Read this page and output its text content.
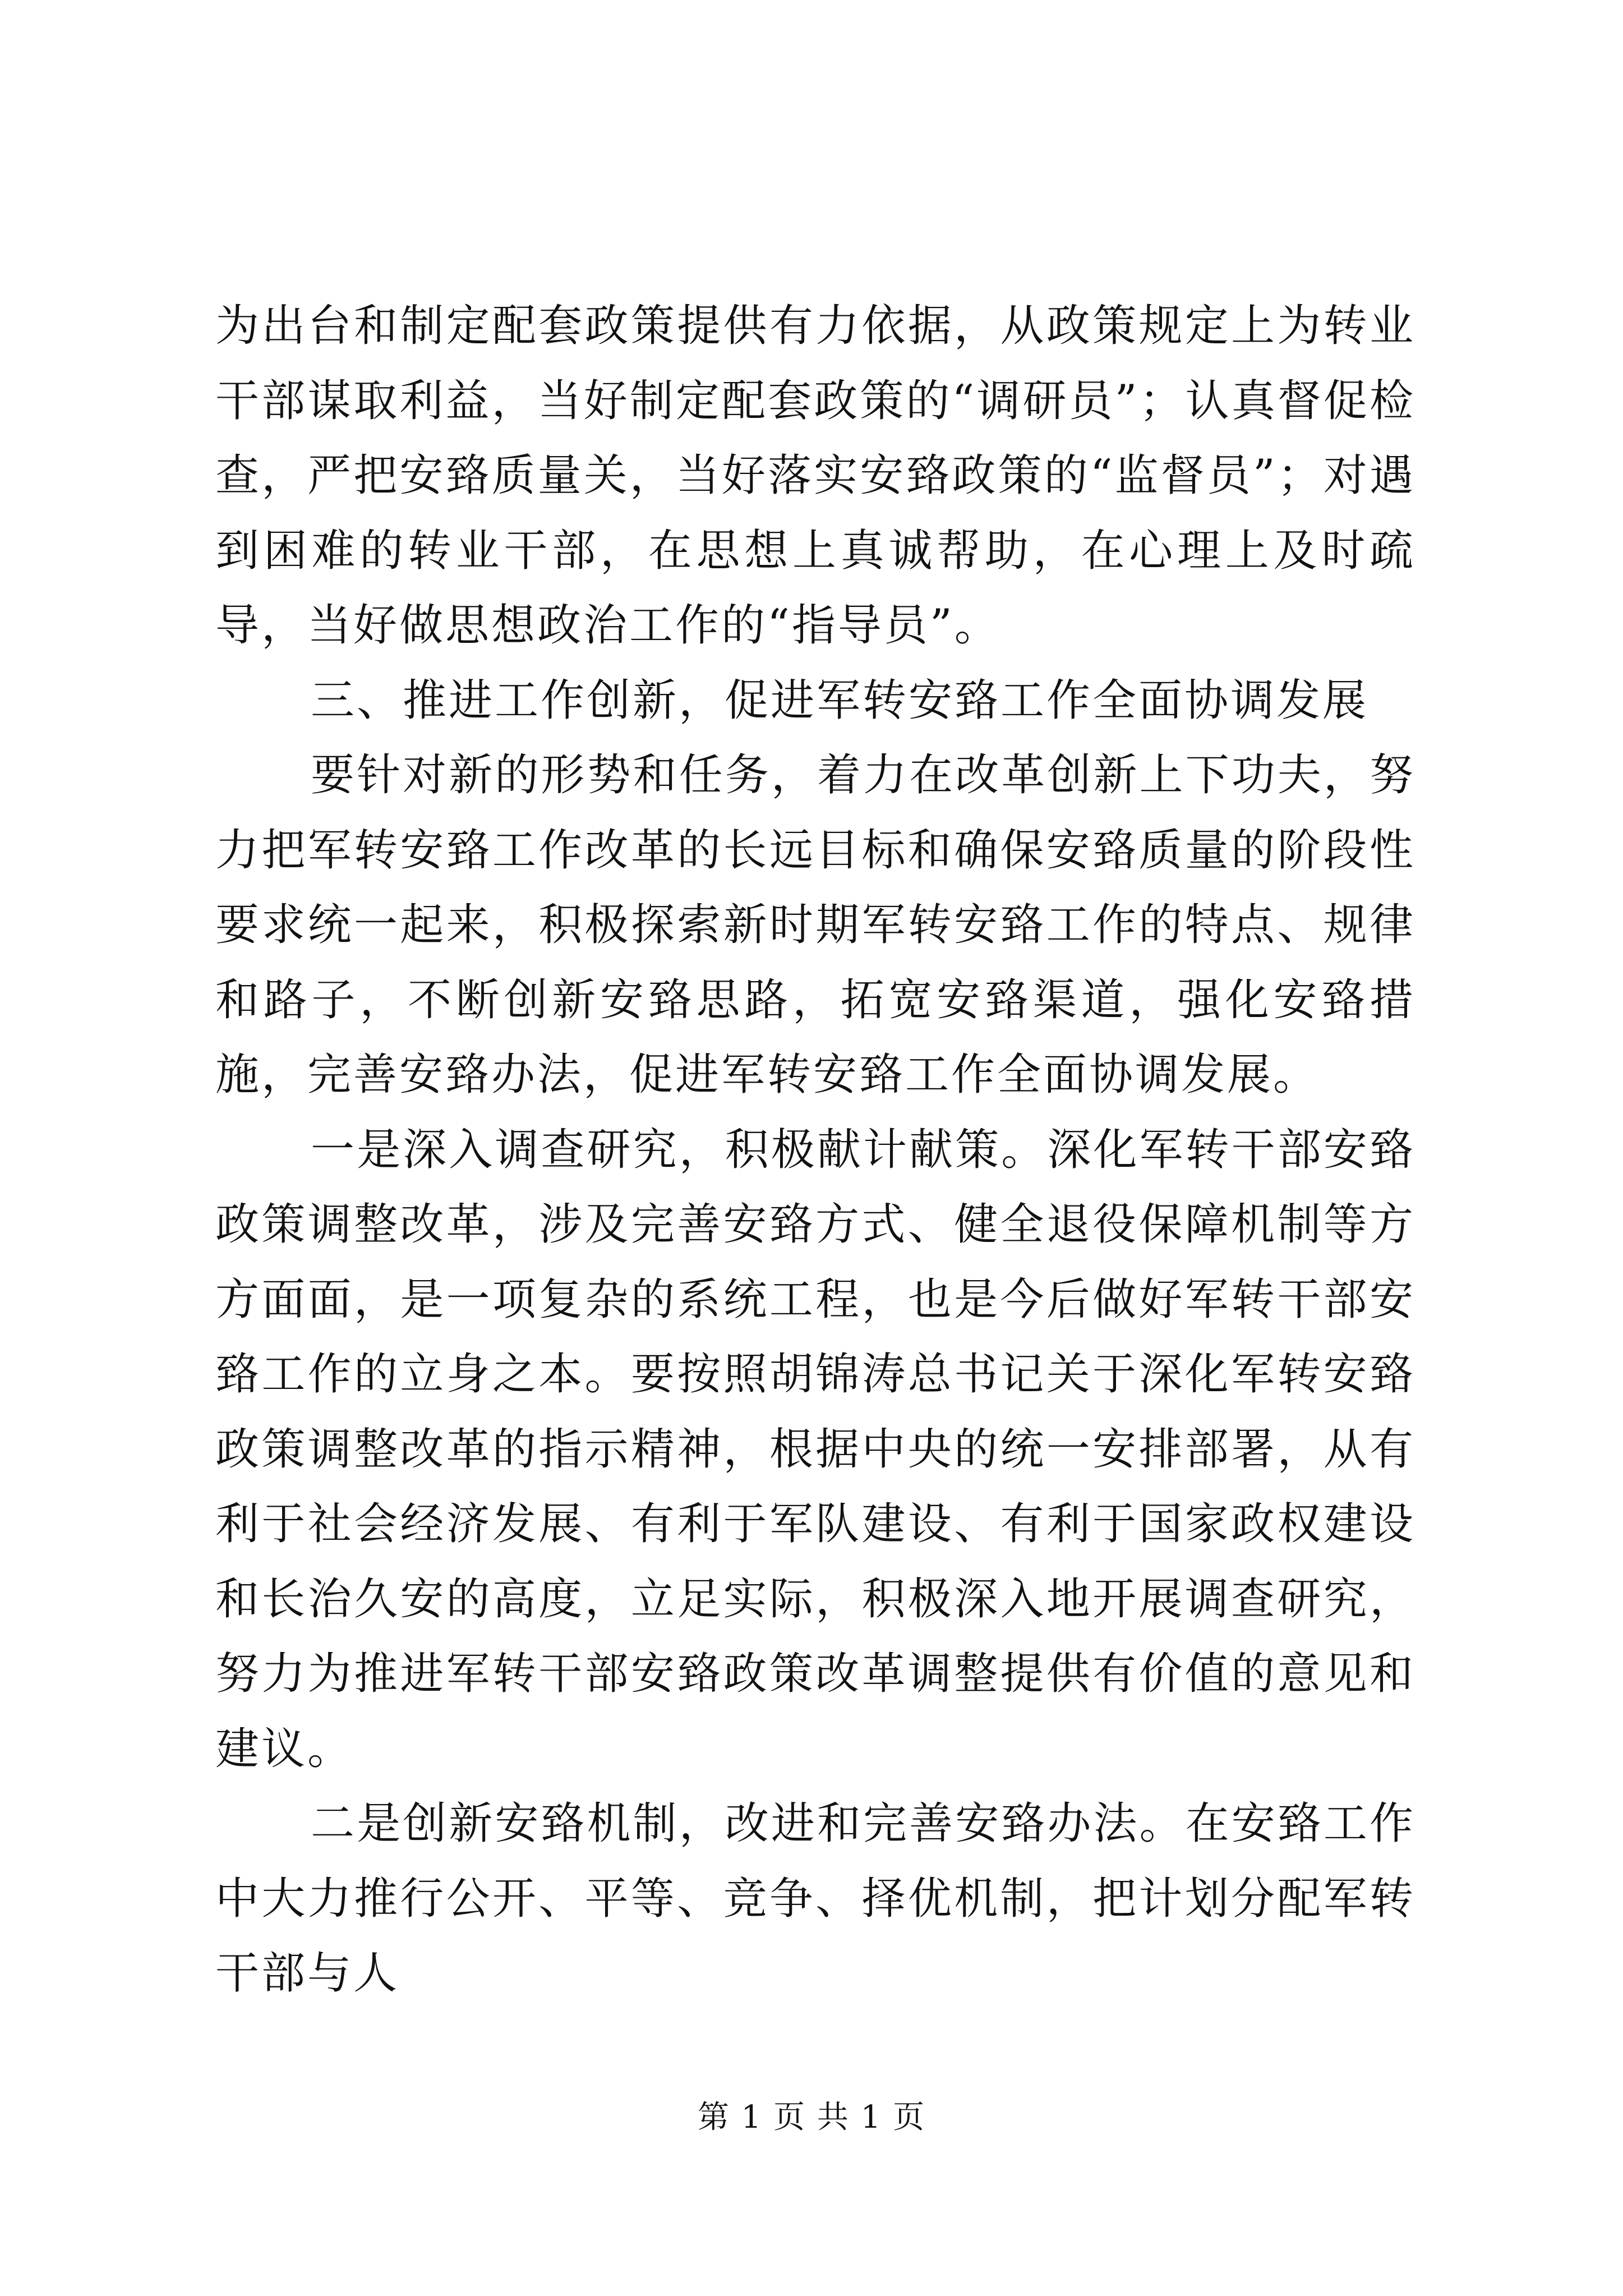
为出台和制定配套政策提供有力依据，从政策规定上为转业干部谋取利益，当好制定配套政策的“调研员”；认真督促检查，严把安臵质量关，当好落实安臵政策的“监督员”；对遇到困难的转业干部，在思想上真诚帮助，在心理上及时疏导，当好做思想政治工作的“指导员”。

三、推进工作创新，促进军转安臵工作全面协调发展

要针对新的形势和任务，着力在改革创新上下功夫，努力把军转安臵工作改革的长远目标和确保安臵质量的阶段性要求统一起来，积极探索新时期军转安臵工作的特点、规律和路子，不断创新安臵思路，拓宽安臵渠道，强化安臵措施，完善安臵办法，促进军转安臵工作全面协调发展。

一是深入调查研究，积极献计献策。深化军转干部安臵政策调整改革，涉及完善安臵方式、健全退役保障机制等方方面面，是一项复杂的系统工程，也是今后做好军转干部安臵工作的立身之本。要按照胡锦涛总书记关于深化军转安臵政策调整改革的指示精神，根据中央的统一安排部署，从有利于社会经济发展、有利于军队建设、有利于国家政权建设和长治久安的高度，立足实际，积极深入地开展调查研究，努力为推进军转干部安臵政策改革调整提供有价值的意见和建议。

二是创新安臵机制，改进和完善安臵办法。在安臵工作中大力推行公开、平等、竞争、择优机制，把计划分配军转干部与人

第 1 页 共 1 页
